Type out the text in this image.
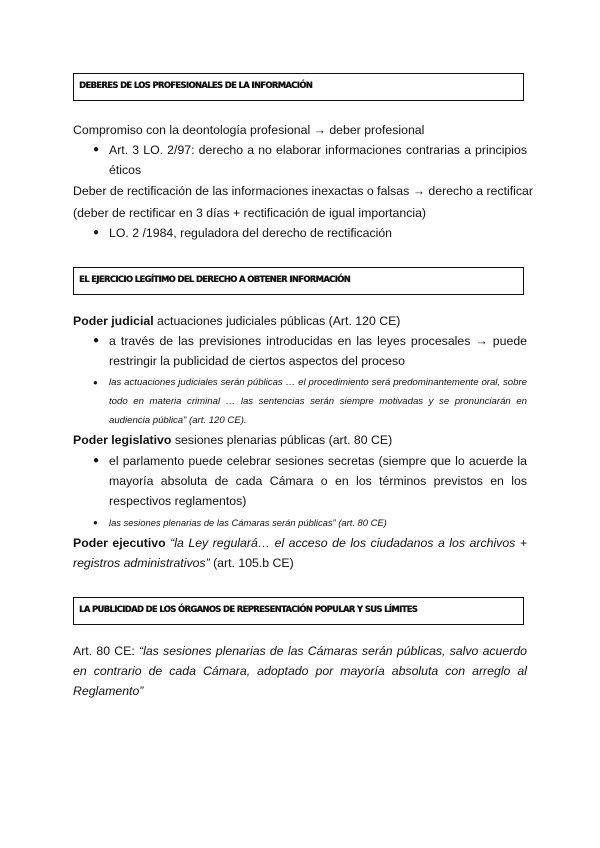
DEBERES DE LOS PROFESIONALES DE LA INFORMACIÓN
Compromiso con la deontología profesional → deber profesional
● Art. 3 LO. 2/97: derecho a no elaborar informaciones contrarias a principios éticos
Deber de rectificación de las informaciones inexactas o falsas → derecho a rectificar
(deber de rectificar en 3 días + rectificación de igual importancia)
● LO. 2 /1984, reguladora del derecho de rectificación
EL EJERCICIO LEGÍTIMO DEL DERECHO A OBTENER INFORMACIÓN
Poder judicial actuaciones judiciales públicas (Art. 120 CE)
● a través de las previsiones introducidas en las leyes procesales → puede restringir la publicidad de ciertos aspectos del proceso
●	las actuaciones judiciales serán públicas … el procedimiento será predominantemente oral, sobre todo en materia criminal … las sentencias serán siempre motivadas y se pronunciarán en audiencia pública” (art. 120 CE).
Poder legislativo sesiones plenarias públicas (art. 80 CE)
● el parlamento puede celebrar sesiones secretas (siempre que lo acuerde la mayoría absoluta de cada Cámara o en los términos previstos en los respectivos reglamentos)
●	las sesiones plenarias de las Cámaras serán públicas” (art. 80 CE)
Poder ejecutivo “la Ley regulará… el acceso de los ciudadanos a los archivos + registros administrativos” (art. 105.b CE)
LA PUBLICIDAD DE LOS ÓRGANOS DE REPRESENTACIÓN POPULAR Y SUS LÍMITES
Art. 80 CE: “las sesiones plenarias de las Cámaras serán públicas, salvo acuerdo en contrario de cada Cámara, adoptado por mayoría absoluta con arreglo al Reglamento”
